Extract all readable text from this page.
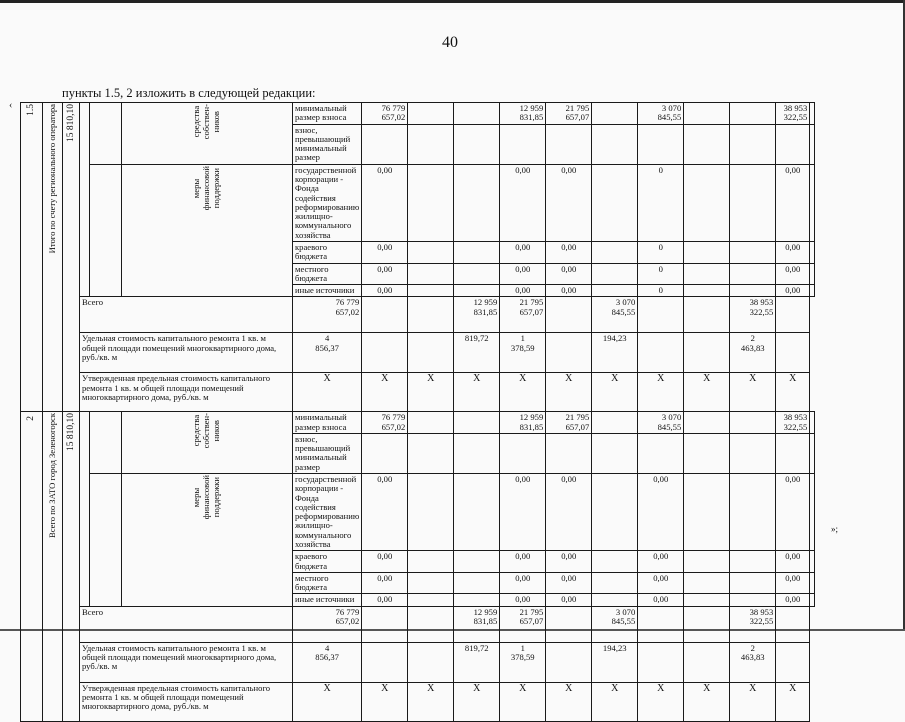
40
пункты 1.5, 2 изложить в следующей редакции:
‹
»;
1.5	Итого по счету регионального оператора	15 810,10			средства
собствен-
ников	минимальный размер взноса	76 779
657,02			12 959
831,85	21 795
657,07		3 070
845,55			38 953
322,55	
						взнос, превышающий минимальный размер											
					меры
финансовой
поддержки	государственной корпорации - Фонда содействия реформированию жилищно-коммунального хозяйства	0,00			0,00	0,00		0			0,00	
						краевого бюджета	0,00			0,00	0,00		0			0,00	
						местного бюджета	0,00			0,00	0,00		0			0,00	
						иные источники	0,00			0,00	0,00		0			0,00	
			Всего			76 779
657,02			12 959
831,85	21 795
657,07		3 070
845,55			38 953
322,55		
			Удельная стоимость капитального ремонта 1 кв. м общей площади помещений многоквартирного дома, руб./кв. м			4
856,37			819,72	1
378,59		194,23			2
463,83		
			Утвержденная предельная стоимость капитального ремонта 1 кв. м общей площади помещений многоквартирного дома, руб./кв. м			X	X	X	X	X	X	X	X	X	X	X	
2	Всего по ЗАТО город Зеленогорск	15 810,10			средства
собствен-
ников	минимальный размер взноса	76 779
657,02			12 959
831,85	21 795
657,07		3 070
845,55			38 953
322,55	
						взнос, превышающий минимальный размер											
					меры
финансовой
поддержки	государственной корпорации - Фонда содействия реформированию жилищно-коммунального хозяйства	0,00			0,00	0,00		0,00			0,00	
						краевого бюджета	0,00			0,00	0,00		0,00			0,00	
						местного бюджета	0,00			0,00	0,00		0,00			0,00	
						иные источники	0,00			0,00	0,00		0,00			0,00	
			Всего			76 779
657,02			12 959
831,85	21 795
657,07		3 070
845,55			38 953
322,55		
			Удельная стоимость капитального ремонта 1 кв. м общей площади помещений многоквартирного дома, руб./кв. м			4
856,37			819,72	1
378,59		194,23			2
463,83		
			Утвержденная предельная стоимость капитального ремонта 1 кв. м общей площади помещений многоквартирного дома, руб./кв. м			X	X	X	X	X	X	X	X	X	X	X	
